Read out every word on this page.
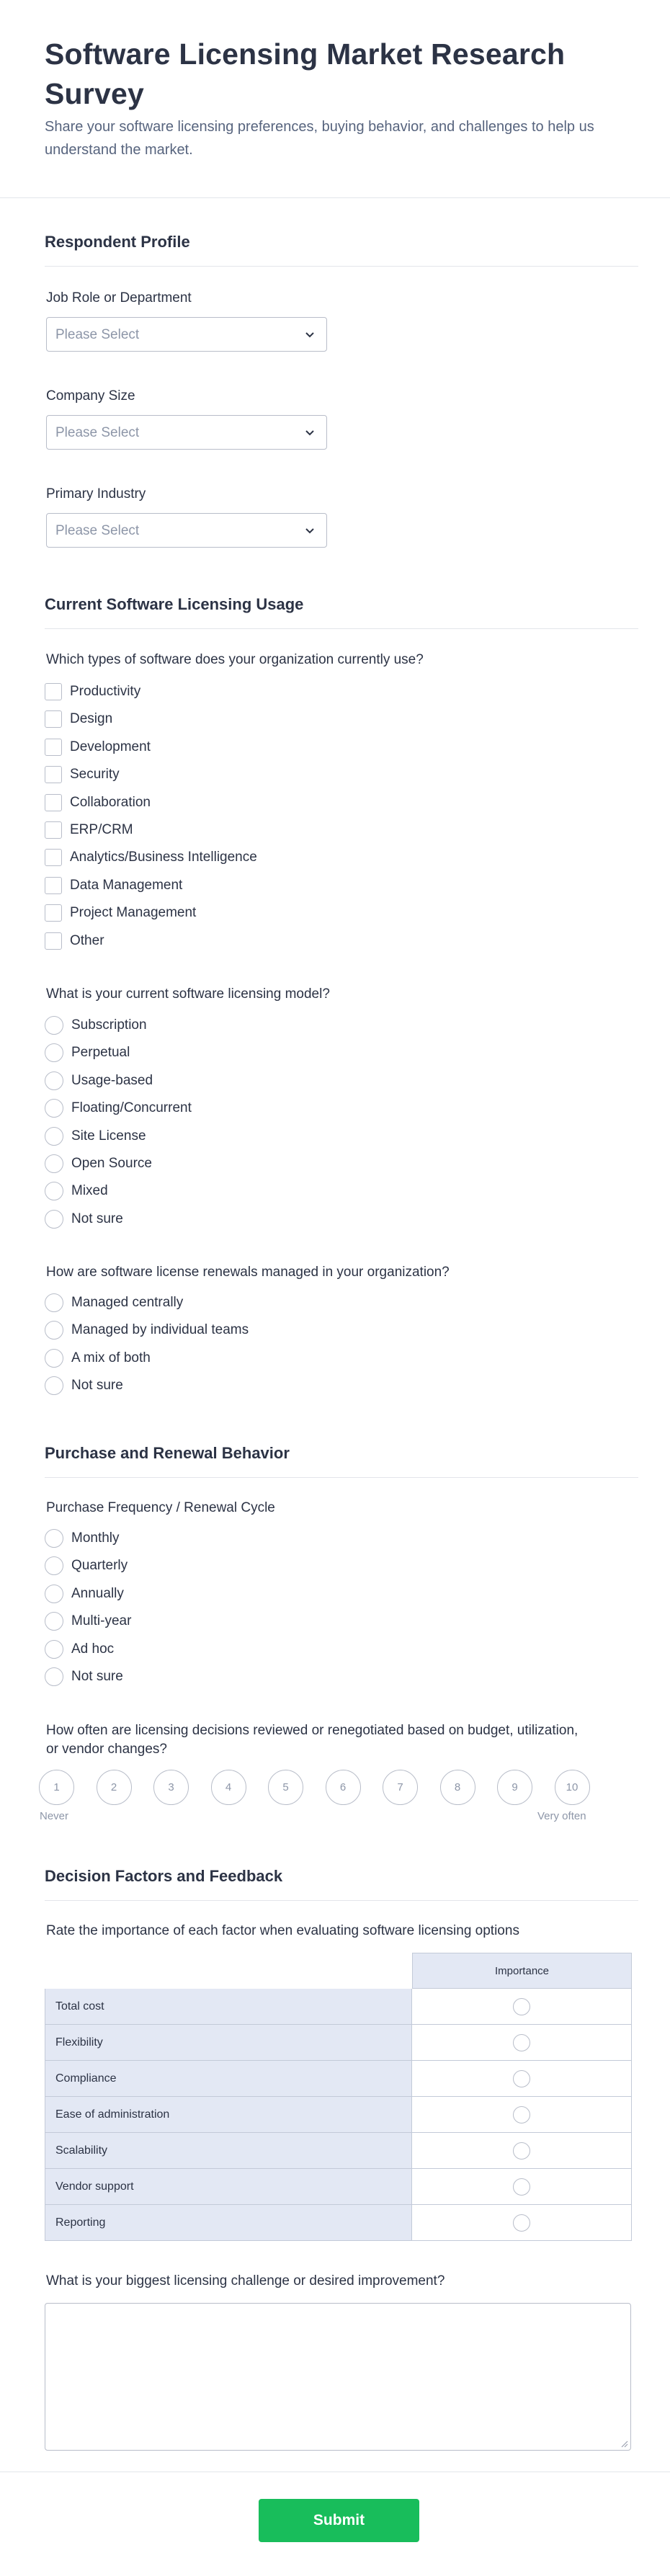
Software Licensing Market Research Survey

Share your software licensing preferences, buying behavior, and challenges to help us understand the market.

Respondent Profile
Job Role or Department
Please Select
Company Size
Please Select
Primary Industry
Please Select
Current Software Licensing Usage
Which types of software does your organization currently use?
Productivity
Design
Development
Security
Collaboration
ERP/CRM
Analytics/Business Intelligence
Data Management
Project Management
Other
What is your current software licensing model?
Subscription
Perpetual
Usage-based
Floating/Concurrent
Site License
Open Source
Mixed
Not sure
How are software license renewals managed in your organization?
Managed centrally
Managed by individual teams
A mix of both
Not sure
Purchase and Renewal Behavior
Purchase Frequency / Renewal Cycle
Monthly
Quarterly
Annually
Multi-year
Ad hoc
Not sure
How often are licensing decisions reviewed or renegotiated based on budget, utilization, or vendor changes?
1	2	3	4	5	6	7	8	9	10
Never	Very often
Decision Factors and Feedback
Rate the importance of each factor when evaluating software licensing options
Importance
Total cost
Flexibility
Compliance
Ease of administration
Scalability
Vendor support
Reporting
What is your biggest licensing challenge or desired improvement?
Submit
